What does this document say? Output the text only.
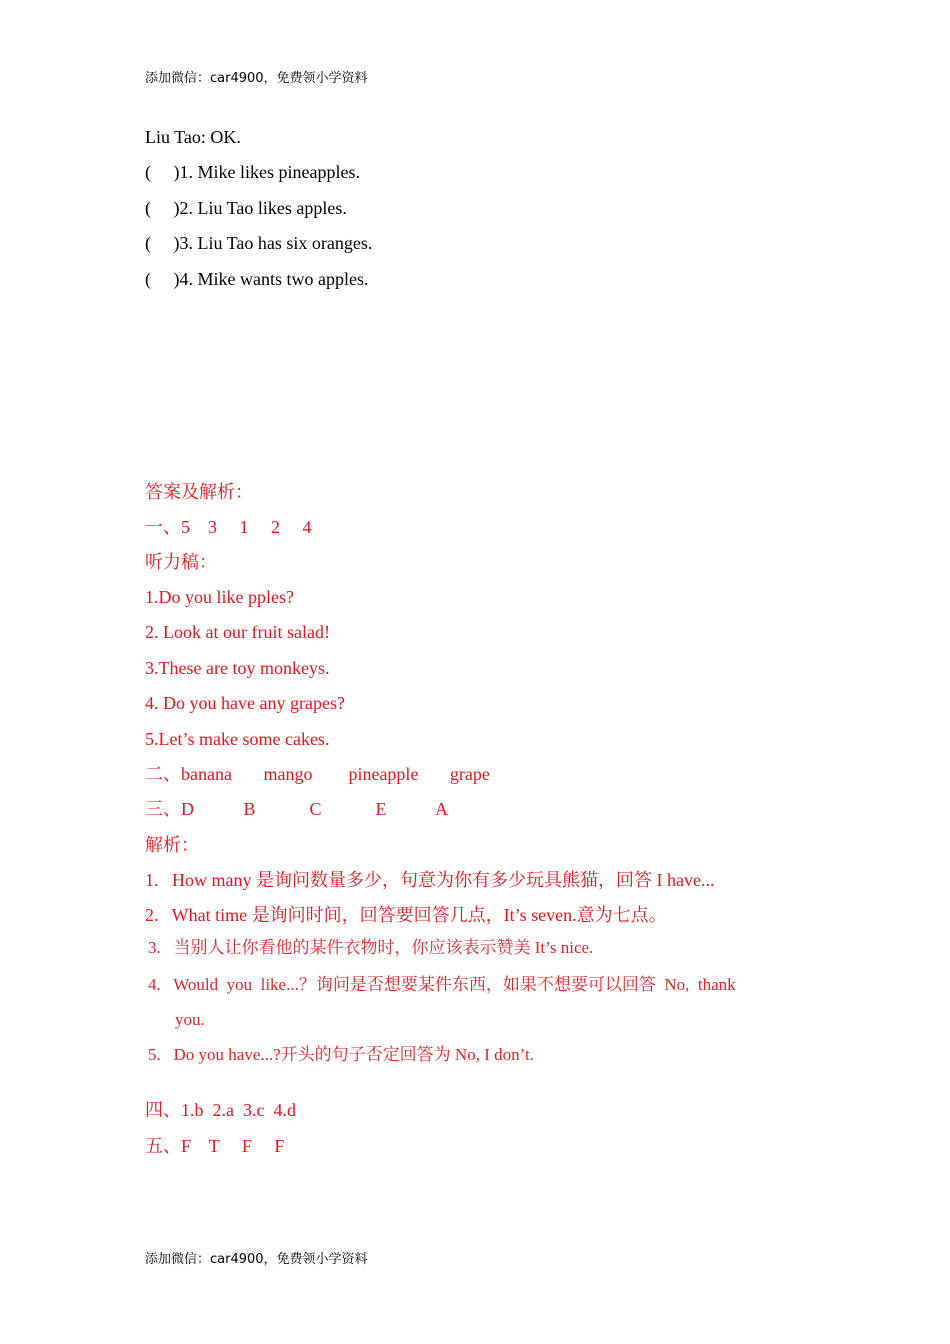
添加微信：car4900，免费领小学资料
Liu Tao: OK.
(     )1. Mike likes pineapples.
(     )2. Liu Tao likes apples.
(     )3. Liu Tao has six oranges.
(     )4. Mike wants two apples.
答案及解析：
一、5    3     1     2     4
听力稿：
1.Do you like pples?
2. Look at our fruit salad!
3.These are toy monkeys.
4. Do you have any grapes?
5.Let’s make some cakes.
二、banana       mango        pineapple       grape
三、D           B            C            E           A
解析：
1.   How many 是询问数量多少，句意为你有多少玩具熊猫，回答 I have...
2.   What time 是询问时间，回答要回答几点，It’s seven.意为七点。
3.   当别人让你看他的某件衣物时，你应该表示赞美 It’s nice.
4.   Would  you  like...？询问是否想要某件东西，如果不想要可以回答  No,  thank
you.
5.   Do you have...?开头的句子否定回答为 No, I don’t.
四、1.b  2.a  3.c  4.d
五、F    T     F     F
添加微信：car4900，免费领小学资料
